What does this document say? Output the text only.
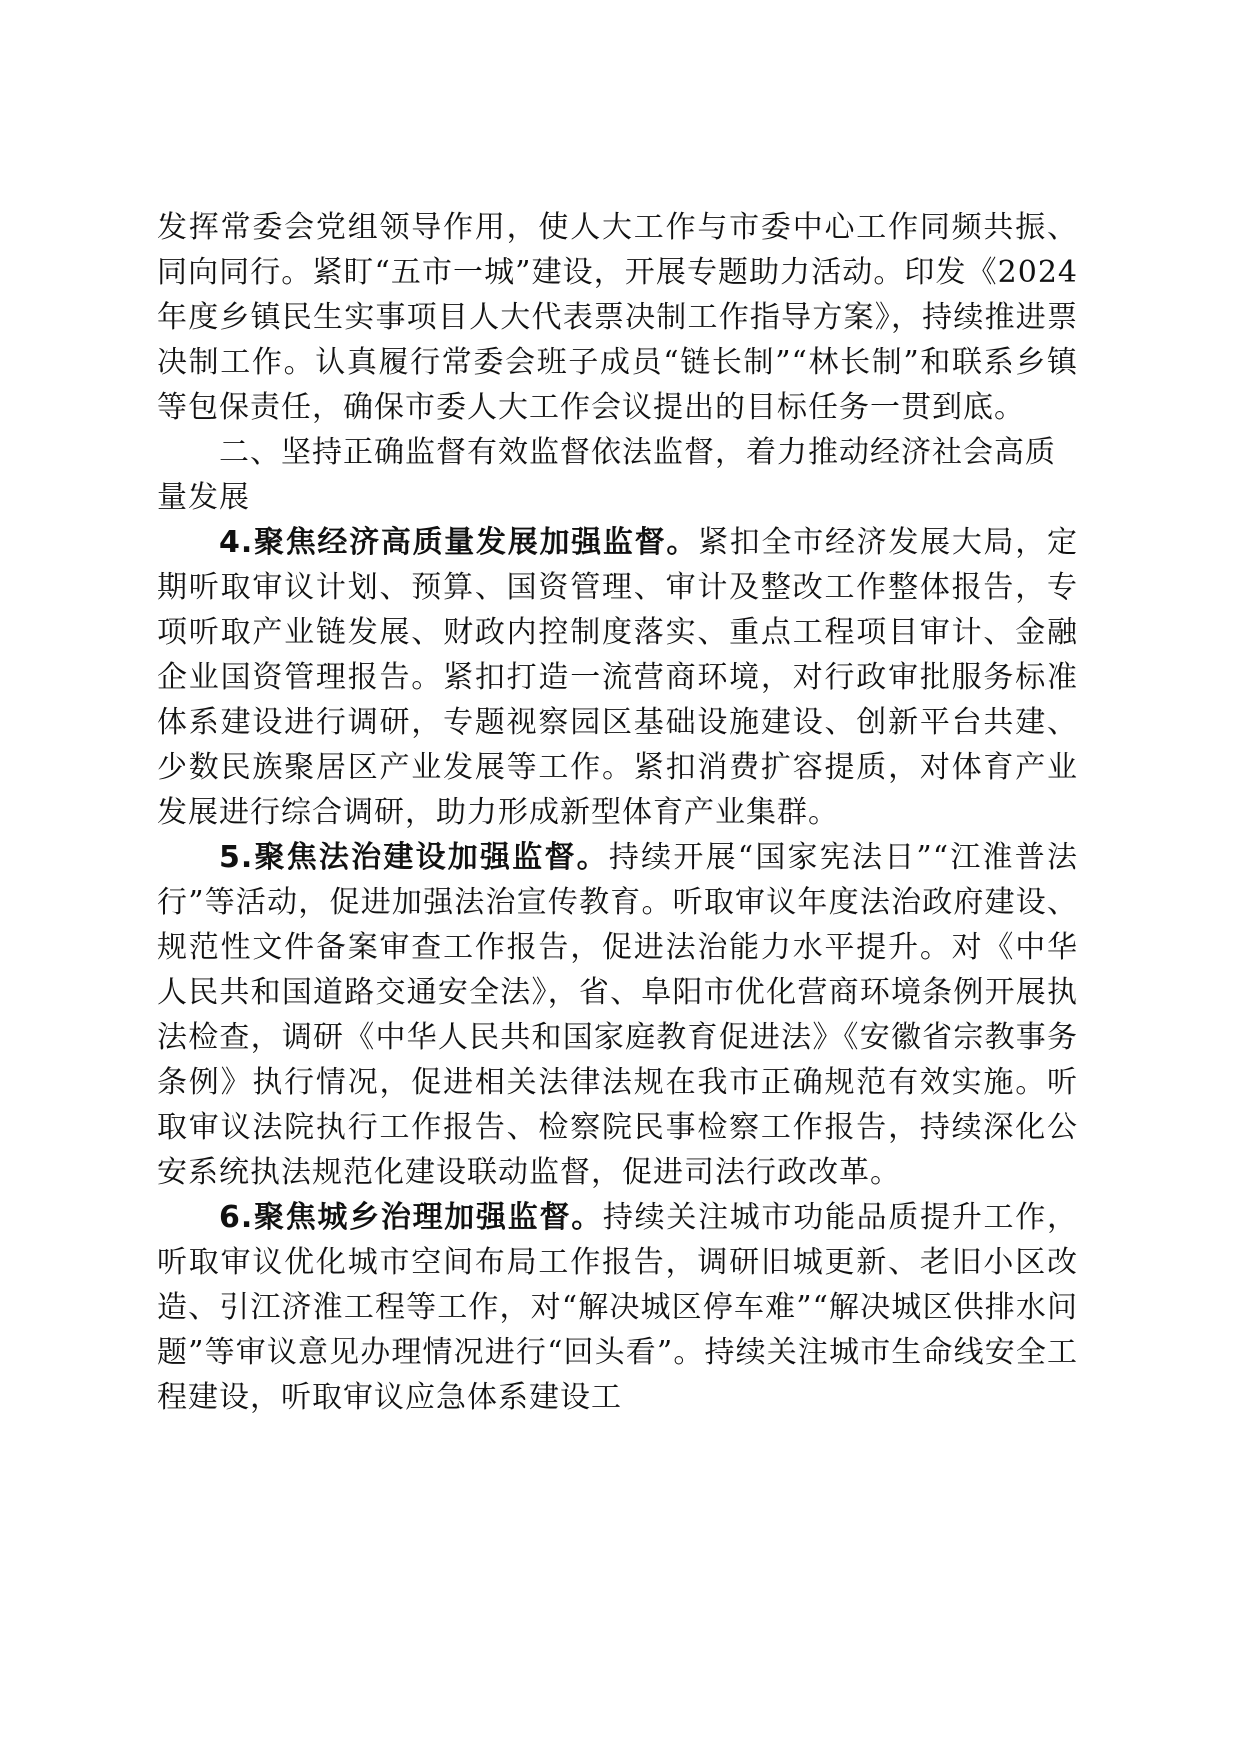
发挥常委会党组领导作用，使人大工作与市委中心工作同频共振、同向同行。紧盯“五市一城”建设，开展专题助力活动。印发《2024年度乡镇民生实事项目人大代表票决制工作指导方案》，持续推进票决制工作。认真履行常委会班子成员“链长制”“林长制”和联系乡镇等包保责任，确保市委人大工作会议提出的目标任务一贯到底。

二、坚持正确监督有效监督依法监督，着力推动经济社会高质量发展

4.聚焦经济高质量发展加强监督。紧扣全市经济发展大局，定期听取审议计划、预算、国资管理、审计及整改工作整体报告，专项听取产业链发展、财政内控制度落实、重点工程项目审计、金融企业国资管理报告。紧扣打造一流营商环境，对行政审批服务标准体系建设进行调研，专题视察园区基础设施建设、创新平台共建、少数民族聚居区产业发展等工作。紧扣消费扩容提质，对体育产业发展进行综合调研，助力形成新型体育产业集群。

5.聚焦法治建设加强监督。持续开展“国家宪法日”“江淮普法行”等活动，促进加强法治宣传教育。听取审议年度法治政府建设、规范性文件备案审查工作报告，促进法治能力水平提升。对《中华人民共和国道路交通安全法》，省、阜阳市优化营商环境条例开展执法检查，调研《中华人民共和国家庭教育促进法》《安徽省宗教事务条例》执行情况，促进相关法律法规在我市正确规范有效实施。听取审议法院执行工作报告、检察院民事检察工作报告，持续深化公安系统执法规范化建设联动监督，促进司法行政改革。

6.聚焦城乡治理加强监督。持续关注城市功能品质提升工作，听取审议优化城市空间布局工作报告，调研旧城更新、老旧小区改造、引江济淮工程等工作，对“解决城区停车难”“解决城区供排水问题”等审议意见办理情况进行“回头看”。持续关注城市生命线安全工程建设，听取审议应急体系建设工
